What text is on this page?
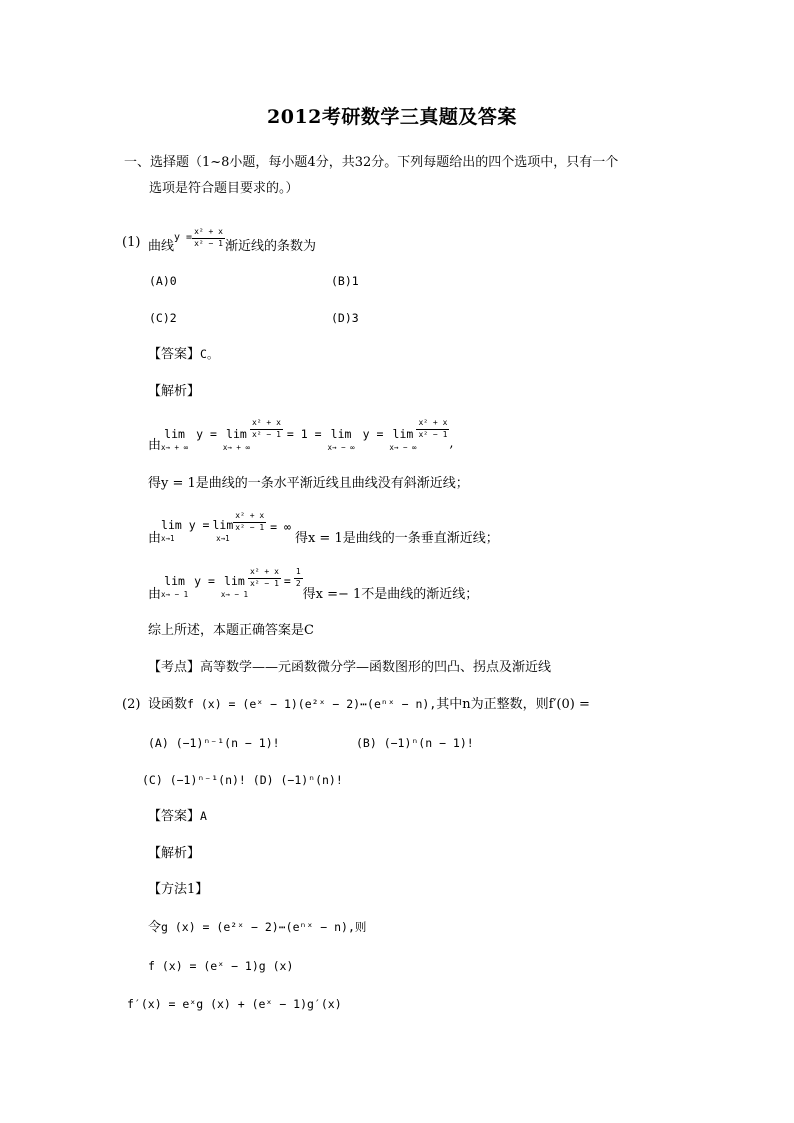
2012考研数学三真题及答案
一、选择题（1~8小题，每小题4分，共32分。下列每题给出的四个选项中，只有一个
选项是符合题目要求的。）
(1) 曲线$^{y =} \frac{\text{x² + x}}{\text{x² − 1}}$ 渐近线的条数为
(A)0	(B)1
(C)2	(D)3
【答案】C。
【解析】
由
lim
x→ + ∞
y = lim
x→ + ∞
$\frac{\text{x² + x}}{\text{x² − 1}} = 1 = \lim$
x→ − ∞
y = lim
x→ − ∞
$\frac{\text{x² + x}}{\text{x² − 1}}$
,
得y = 1是曲线的一条水平渐近线且曲线没有斜渐近线；
由
lim y =
x→1
lim
x→1
$\frac{\text{x² + x}}{\text{x² − 1}}$ = ∞得x = 1是曲线的一条垂直渐近线；
由
lim
x→ − 1
y = lim
x→ − 1
$\frac{\text{x² + x}}{\text{x² − 1}} = \frac{1}{2}$
得x =− 1不是曲线的渐近线；
综上所述，本题正确答案是C
【考点】高等数学——元函数微分学—函数图形的凹凸、拐点及渐近线
(2) 设函数f (x) = (eˣ − 1)(e²ˣ − 2)⋯(eⁿˣ − n),其中n为正整数，则f′(0) =
(A) (−1)ⁿ⁻¹(n − 1)!	(B) (−1)ⁿ(n − 1)!
(C) (−1)ⁿ⁻¹(n)! (D) (−1)ⁿ(n)!
【答案】A
【解析】
【方法1】
令g (x) = (e²ˣ − 2)⋯(eⁿˣ − n),则
f (x) = (eˣ − 1)g (x)
f′(x) = eˣg (x) + (eˣ − 1)g′(x)
